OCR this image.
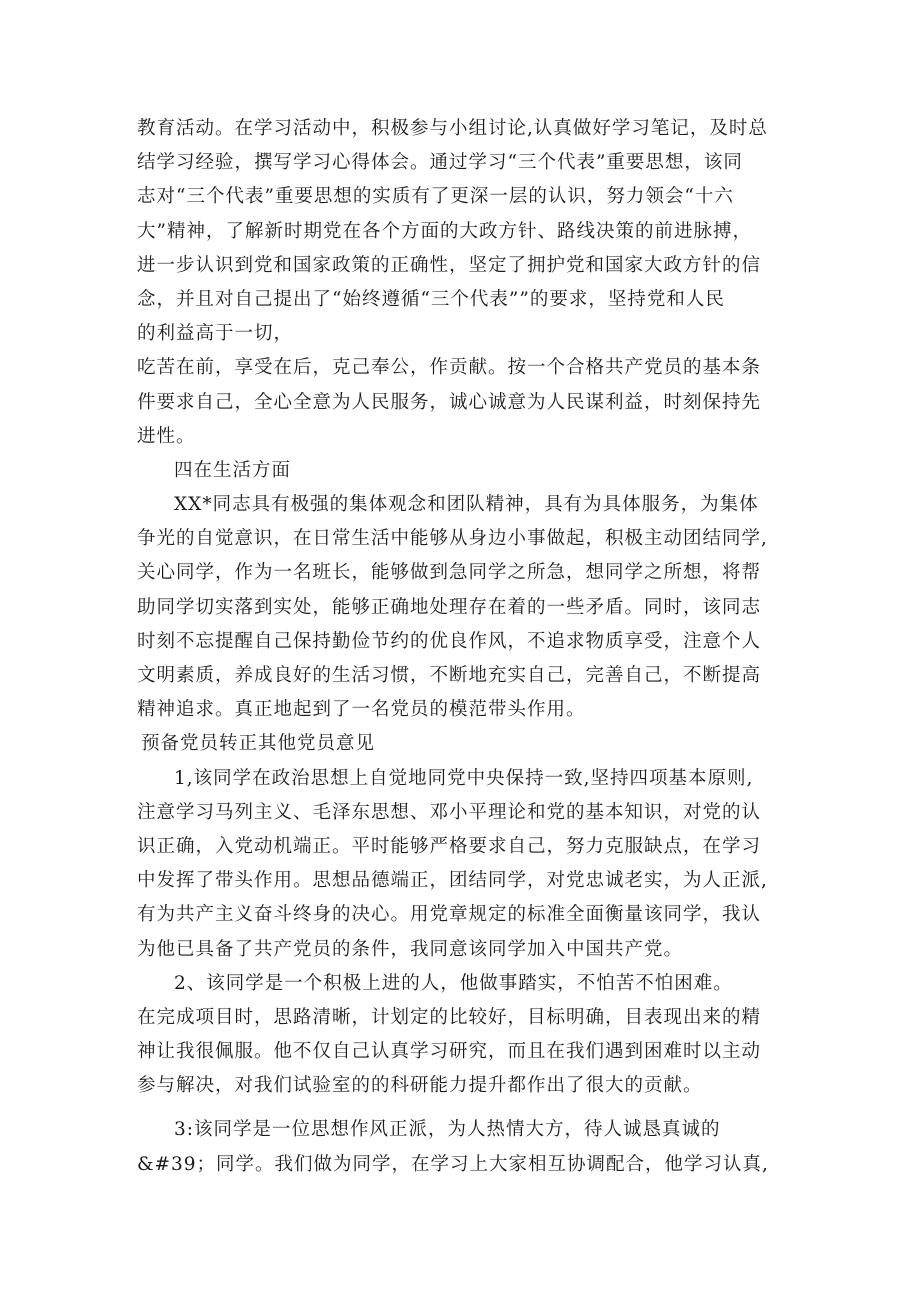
教育活动。在学习活动中，积极参与小组讨论,认真做好学习笔记，及时总
结学习经验，撰写学习心得体会。通过学习“三个代表”重要思想，该同
志对“三个代表”重要思想的实质有了更深一层的认识，努力领会“十六
大”精神，了解新时期党在各个方面的大政方针、路线决策的前进脉搏，
进一步认识到党和国家政策的正确性，坚定了拥护党和国家大政方针的信
念，并且对自己提出了“始终遵循“三个代表””的要求，坚持党和人民
的利益高于一切，
吃苦在前，享受在后，克己奉公，作贡献。按一个合格共产党员的基本条
件要求自己，全心全意为人民服务，诚心诚意为人民谋利益，时刻保持先
进性。
四在生活方面
XX*同志具有极强的集体观念和团队精神，具有为具体服务，为集体
争光的自觉意识，在日常生活中能够从身边小事做起，积极主动团结同学,
关心同学，作为一名班长，能够做到急同学之所急，想同学之所想，将帮
助同学切实落到实处，能够正确地处理存在着的一些矛盾。同时，该同志
时刻不忘提醒自己保持勤俭节约的优良作风，不追求物质享受，注意个人
文明素质，养成良好的生活习惯，不断地充实自己，完善自己，不断提高
精神追求。真正地起到了一名党员的模范带头作用。
预备党员转正其他党员意见
1,该同学在政治思想上自觉地同党中央保持一致,坚持四项基本原则,
注意学习马列主义、毛泽东思想、邓小平理论和党的基本知识，对党的认
识正确，入党动机端正。平时能够严格要求自己，努力克服缺点，在学习
中发挥了带头作用。思想品德端正，团结同学，对党忠诚老实，为人正派,
有为共产主义奋斗终身的决心。用党章规定的标准全面衡量该同学，我认
为他已具备了共产党员的条件，我同意该同学加入中国共产党。
2、该同学是一个积极上进的人，他做事踏实，不怕苦不怕困难。
在完成项目时，思路清晰，计划定的比较好，目标明确，目表现出来的精
神让我很佩服。他不仅自己认真学习研究，而且在我们遇到困难时以主动
参与解决，对我们试验室的的科研能力提升都作出了很大的贡献。
3:该同学是一位思想作风正派，为人热情大方，待人诚恳真诚的
&#39；同学。我们做为同学，在学习上大家相互协调配合，他学习认真,
